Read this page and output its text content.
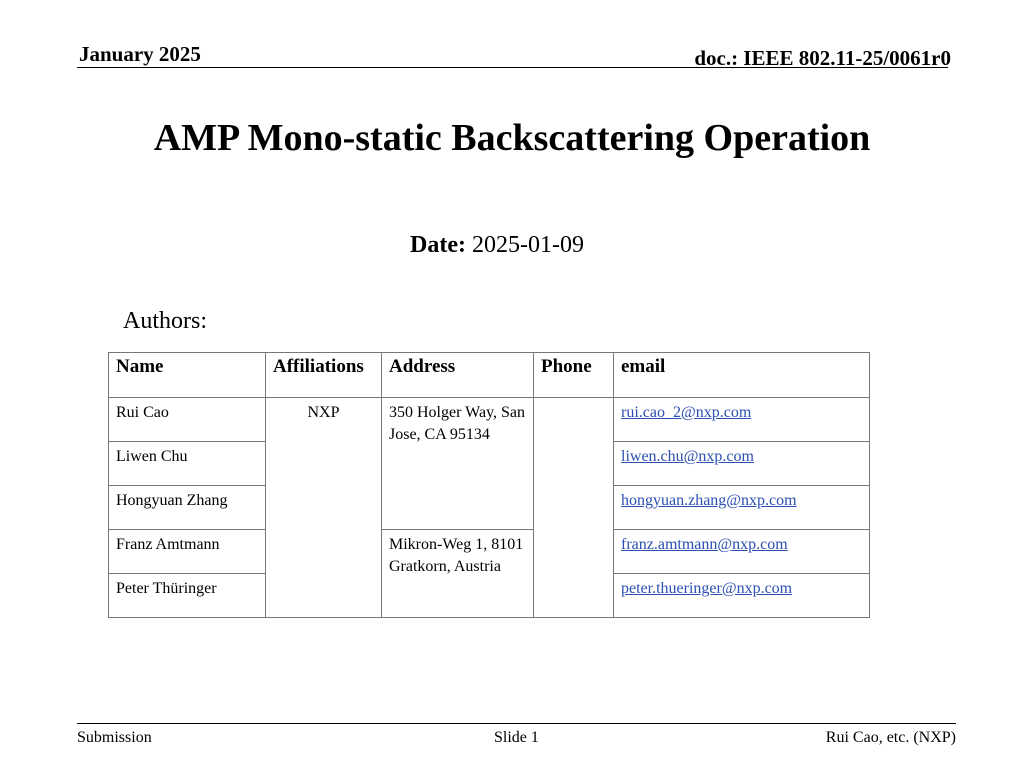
January 2025	doc.: IEEE 802.11-25/0061r0
AMP Mono-static Backscattering Operation
Date: 2025-01-09
Authors:
Name	Affiliations	Address	Phone	email
Rui Cao	NXP	350 Holger Way, San Jose, CA 95134		rui.cao_2@nxp.com
Liwen Chu				liwen.chu@nxp.com
Hongyuan Zhang				hongyuan.zhang@nxp.com
Franz Amtmann		Mikron-Weg 1, 8101 Gratkorn, Austria		franz.amtmann@nxp.com
Peter Thüringer				peter.thueringer@nxp.com
Submission	Slide 1	Rui Cao, etc. (NXP)
